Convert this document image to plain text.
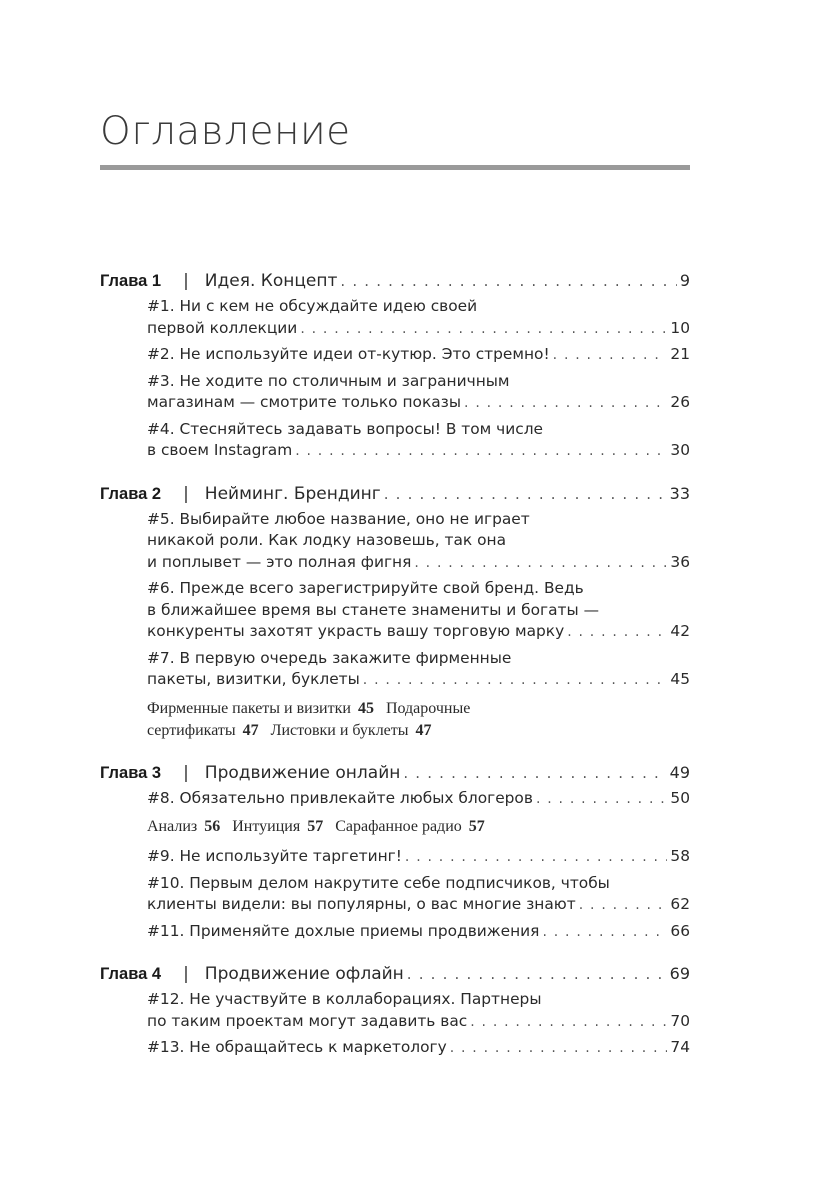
Оглавление
Глава 1 | Идея. Концепт . . .	9
#1. Ни с кем не обсуждайте идею своей
первой коллекции . . .	10
#2. Не используйте идеи от-кутюр. Это стремно! . . .	21
#3. Не ходите по столичным и заграничным
магазинам — смотрите только показы . . .	26
#4. Стесняйтесь задавать вопросы! В том числе
в своем Instagram . . .	30
Глава 2 | Нейминг. Брендинг . . .	33
#5. Выбирайте любое название, оно не играет
никакой роли. Как лодку назовешь, так она
и поплывет — это полная фигня . . .	36
#6. Прежде всего зарегистрируйте свой бренд. Ведь
в ближайшее время вы станете знамениты и богаты —
конкуренты захотят украсть вашу торговую марку . . .	42
#7. В первую очередь закажите фирменные
пакеты, визитки, буклеты . . .	45
Фирменные пакеты и визитки 45 Подарочные
сертификаты 47 Листовки и буклеты 47
Глава 3 | Продвижение онлайн . . .	49
#8. Обязательно привлекайте любых блогеров . . .	50
Анализ 56 Интуиция 57 Сарафанное радио 57
#9. Не используйте таргетинг! . . .	58
#10. Первым делом накрутите себе подписчиков, чтобы
клиенты видели: вы популярны, о вас многие знают . . .	62
#11. Применяйте дохлые приемы продвижения . . .	66
Глава 4 | Продвижение офлайн . . .	69
#12. Не участвуйте в коллаборациях. Партнеры
по таким проектам могут задавить вас . . .	70
#13. Не обращайтесь к маркетологу . . .	74
